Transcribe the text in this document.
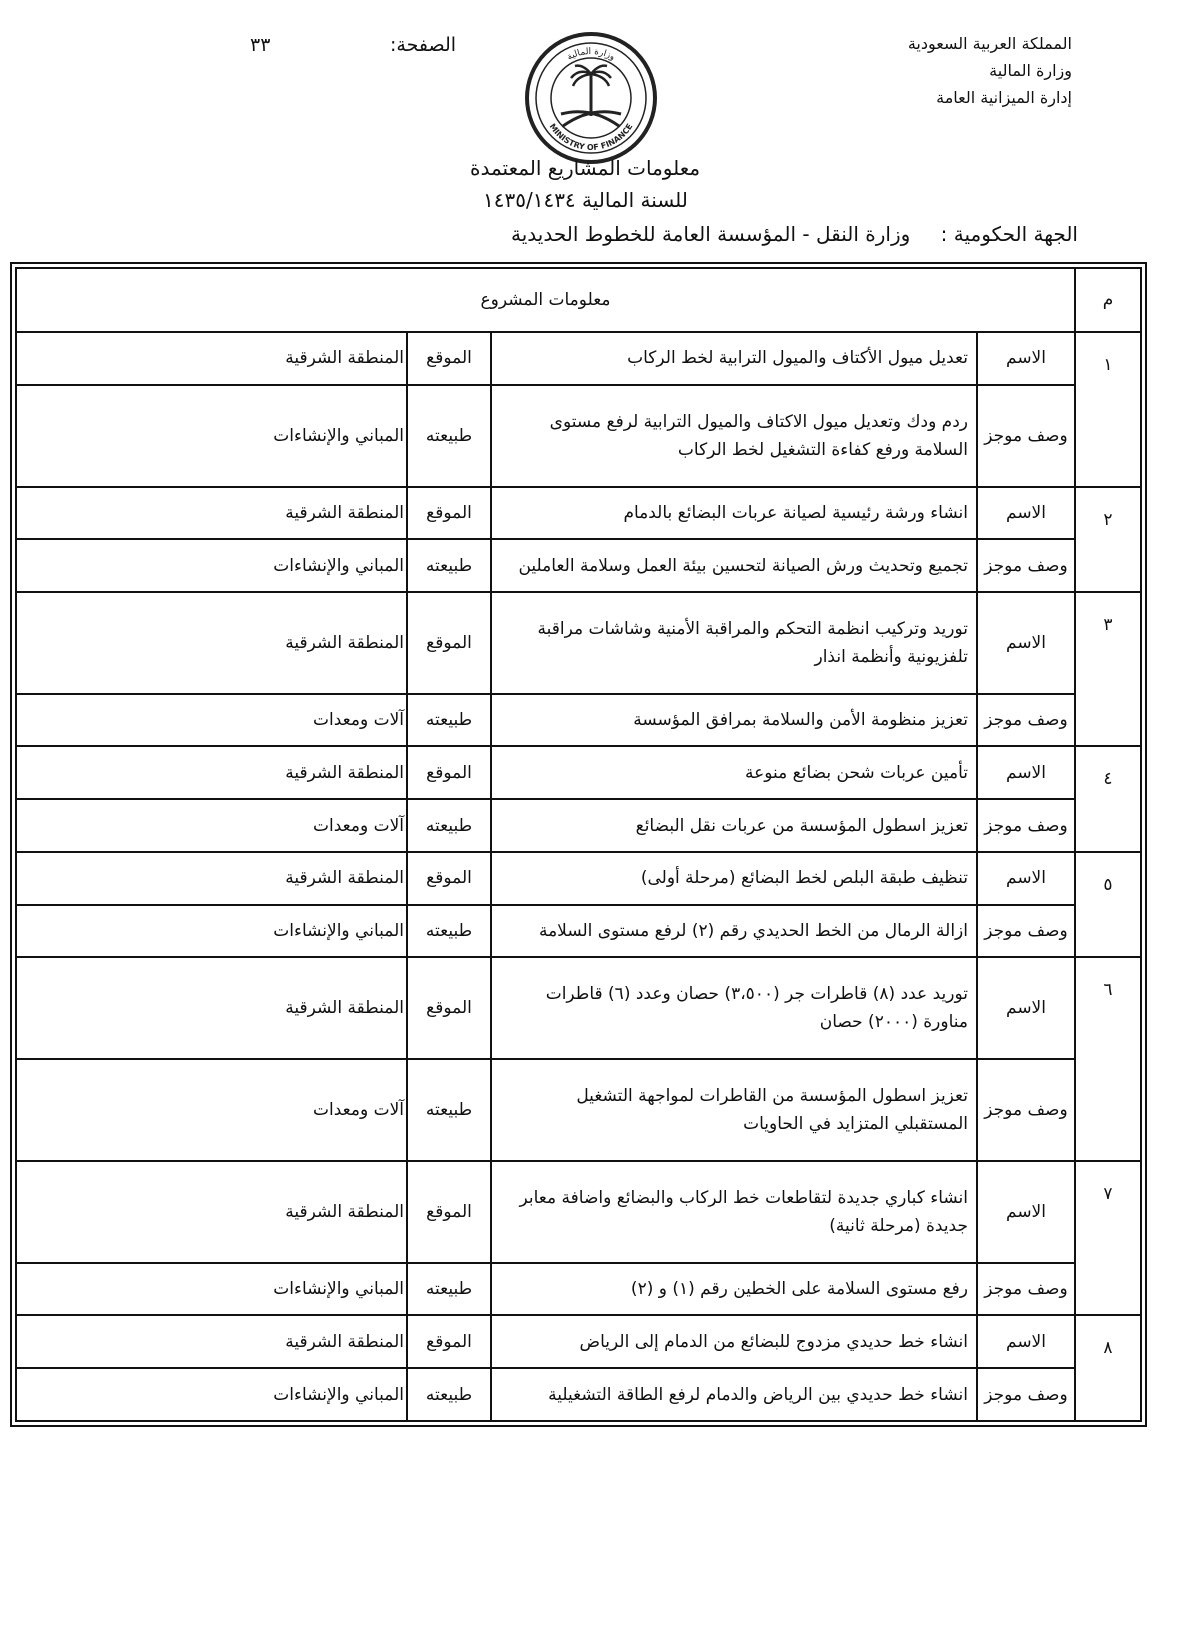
المملكة العربية السعودية
وزارة المالية
إدارة الميزانية العامة
الصفحة:
٣٣
وزارة المالية
MINISTRY OF FINANCE
معلومات المشاريع المعتمدة
للسنة المالية ١٤٣٥/١٤٣٤
الجهة الحكومية : وزارة النقل - المؤسسة العامة للخطوط الحديدية
م	معلومات المشروع			
١	الاسم	تعديل ميول الأكتاف والميول الترابية لخط الركاب	الموقع	المنطقة الشرقية
	وصف موجز	ردم ودك وتعديل ميول الاكتاف والميول الترابية لرفع مستوى السلامة ورفع كفاءة التشغيل لخط الركاب	طبيعته	المباني والإنشاءات
٢	الاسم	انشاء ورشة رئيسية لصيانة عربات البضائع بالدمام	الموقع	المنطقة الشرقية
	وصف موجز	تجميع وتحديث ورش الصيانة لتحسين بيئة العمل وسلامة العاملين	طبيعته	المباني والإنشاءات
٣	الاسم	توريد وتركيب انظمة التحكم والمراقبة الأمنية وشاشات مراقبة تلفزيونية وأنظمة انذار	الموقع	المنطقة الشرقية
	وصف موجز	تعزيز منظومة الأمن والسلامة بمرافق المؤسسة	طبيعته	آلات ومعدات
٤	الاسم	تأمين عربات شحن بضائع منوعة	الموقع	المنطقة الشرقية
	وصف موجز	تعزيز اسطول المؤسسة من عربات نقل البضائع	طبيعته	آلات ومعدات
٥	الاسم	تنظيف طبقة البلص لخط البضائع (مرحلة أولى)	الموقع	المنطقة الشرقية
	وصف موجز	ازالة الرمال من الخط الحديدي رقم (٢) لرفع مستوى السلامة	طبيعته	المباني والإنشاءات
٦	الاسم	توريد عدد (٨) قاطرات جر (٣،٥٠٠) حصان وعدد (٦) قاطرات مناورة (٢٠٠٠) حصان	الموقع	المنطقة الشرقية
	وصف موجز	تعزيز اسطول المؤسسة من القاطرات لمواجهة التشغيل المستقبلي المتزايد في الحاويات	طبيعته	آلات ومعدات
٧	الاسم	انشاء كباري جديدة لتقاطعات خط الركاب والبضائع واضافة معابر جديدة (مرحلة ثانية)	الموقع	المنطقة الشرقية
	وصف موجز	رفع مستوى السلامة على الخطين رقم (١) و (٢)	طبيعته	المباني والإنشاءات
٨	الاسم	انشاء خط حديدي مزدوج للبضائع من الدمام إلى الرياض	الموقع	المنطقة الشرقية
	وصف موجز	انشاء خط حديدي بين الرياض والدمام لرفع الطاقة التشغيلية	طبيعته	المباني والإنشاءات
